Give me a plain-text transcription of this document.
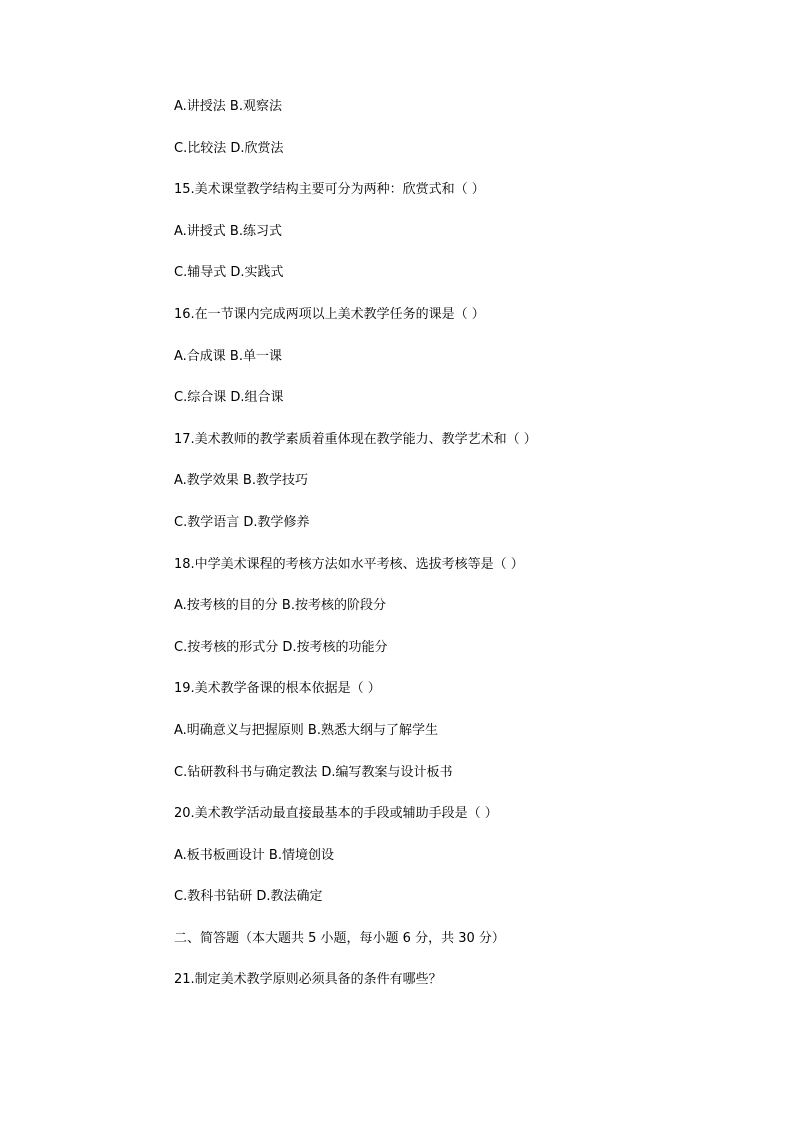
A.讲授法 B.观察法
C.比较法 D.欣赏法
15.美术课堂教学结构主要可分为两种：欣赏式和（ ）
A.讲授式 B.练习式
C.辅导式 D.实践式
16.在一节课内完成两项以上美术教学任务的课是（ ）
A.合成课 B.单一课
C.综合课 D.组合课
17.美术教师的教学素质着重体现在教学能力、教学艺术和（ ）
A.教学效果 B.教学技巧
C.教学语言 D.教学修养
18.中学美术课程的考核方法如水平考核、选拔考核等是（ ）
A.按考核的目的分 B.按考核的阶段分
C.按考核的形式分 D.按考核的功能分
19.美术教学备课的根本依据是（ ）
A.明确意义与把握原则 B.熟悉大纲与了解学生
C.钻研教科书与确定教法 D.编写教案与设计板书
20.美术教学活动最直接最基本的手段或辅助手段是（ ）
A.板书板画设计 B.情境创设
C.教科书钻研 D.教法确定
二、简答题（本大题共 5 小题，每小题 6 分，共 30 分）
21.制定美术教学原则必须具备的条件有哪些？
